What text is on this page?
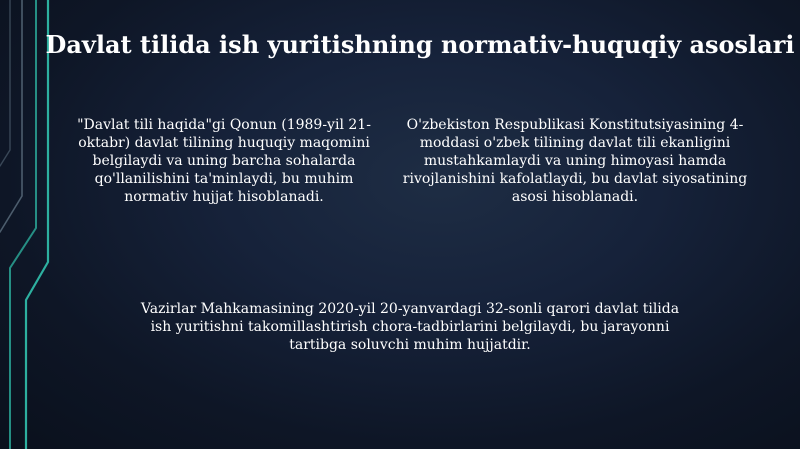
Davlat tilida ish yuritishning normativ-huquqiy asoslari
"Davlat tili haqida"gi Qonun (1989-yil 21-oktabr) davlat tilining huquqiy maqomini belgilaydi va uning barcha sohalarda qo'llanilishini ta'minlaydi, bu muhim normativ hujjat hisoblanadi.
O'zbekiston Respublikasi Konstitutsiyasining 4-moddasi o'zbek tilining davlat tili ekanligini mustahkamlaydi va uning himoyasi hamda rivojlanishini kafolatlaydi, bu davlat siyosatining asosi hisoblanadi.
Vazirlar Mahkamasining 2020-yil 20-yanvardagi 32-sonli qarori davlat tilida ish yuritishni takomillashtirish chora-tadbirlarini belgilaydi, bu jarayonni tartibga soluvchi muhim hujjatdir.
